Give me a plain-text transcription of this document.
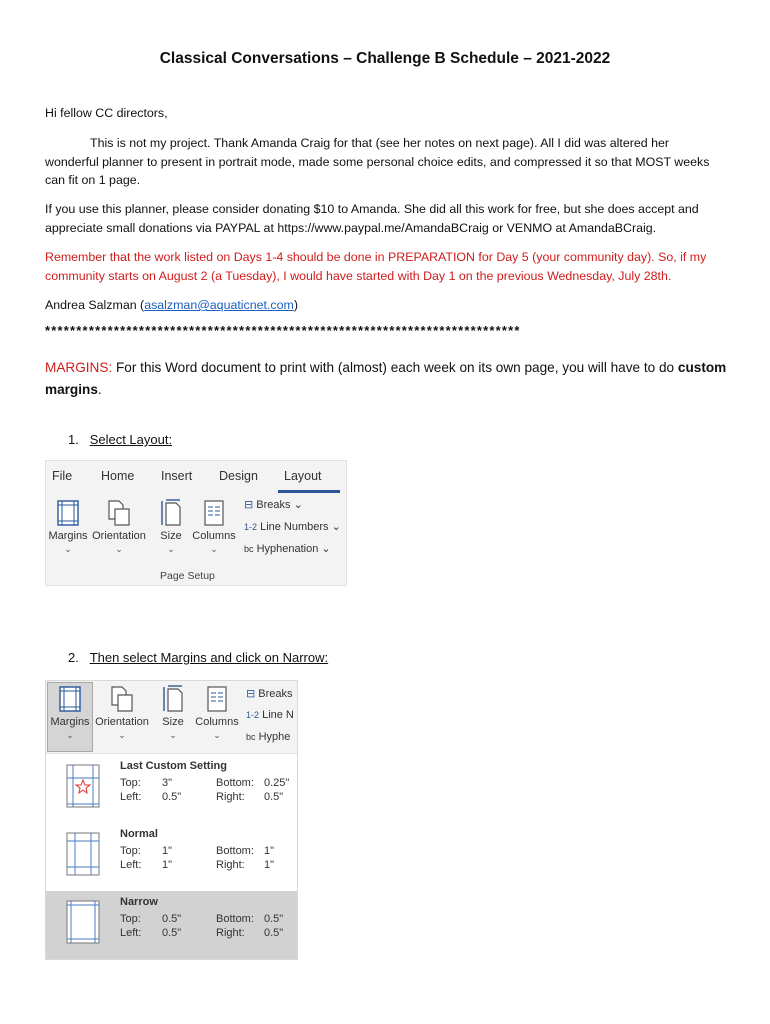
Classical Conversations – Challenge B Schedule – 2021-2022
Hi fellow CC directors,
This is not my project. Thank Amanda Craig for that (see her notes on next page). All I did was altered her wonderful planner to present in portrait mode, made some personal choice edits, and compressed it so that MOST weeks can fit on 1 page.
If you use this planner, please consider donating $10 to Amanda. She did all this work for free, but she does accept and appreciate small donations via PAYPAL at https://www.paypal.me/AmandaBCraig or VENMO at AmandaBCraig.
Remember that the work listed on Days 1-4 should be done in PREPARATION for Day 5 (your community day). So, if my community starts on August 2 (a Tuesday), I would have started with Day 1 on the previous Wednesday, July 28th.
Andrea Salzman (asalzman@aquaticnet.com)
****************************************************************************
MARGINS: For this Word document to print with (almost) each week on its own page, you will have to do custom margins.
1. Select Layout:
File Home Insert Design Layout
Margins
⌄
Orientation
⌄
Size
⌄
Columns
⌄
⊟ Breaks ⌄
1‑2 Line Numbers ⌄
bc Hyphenation ⌄
Page Setup
2. Then select Margins and click on Narrow:
Margins
⌄
Orientation
⌄
Size
⌄
Columns
⌄
⊟ Breaks
1‑2 Line N
bc Hyphe
Last Custom Setting
Top:
Left:
3"
0.5"
Bottom:
Right:
0.25"
0.5"
Normal
Top:
Left:
1"
1"
Bottom:
Right:
1"
1"
Narrow
Top:
Left:
0.5"
0.5"
Bottom:
Right:
0.5"
0.5"
